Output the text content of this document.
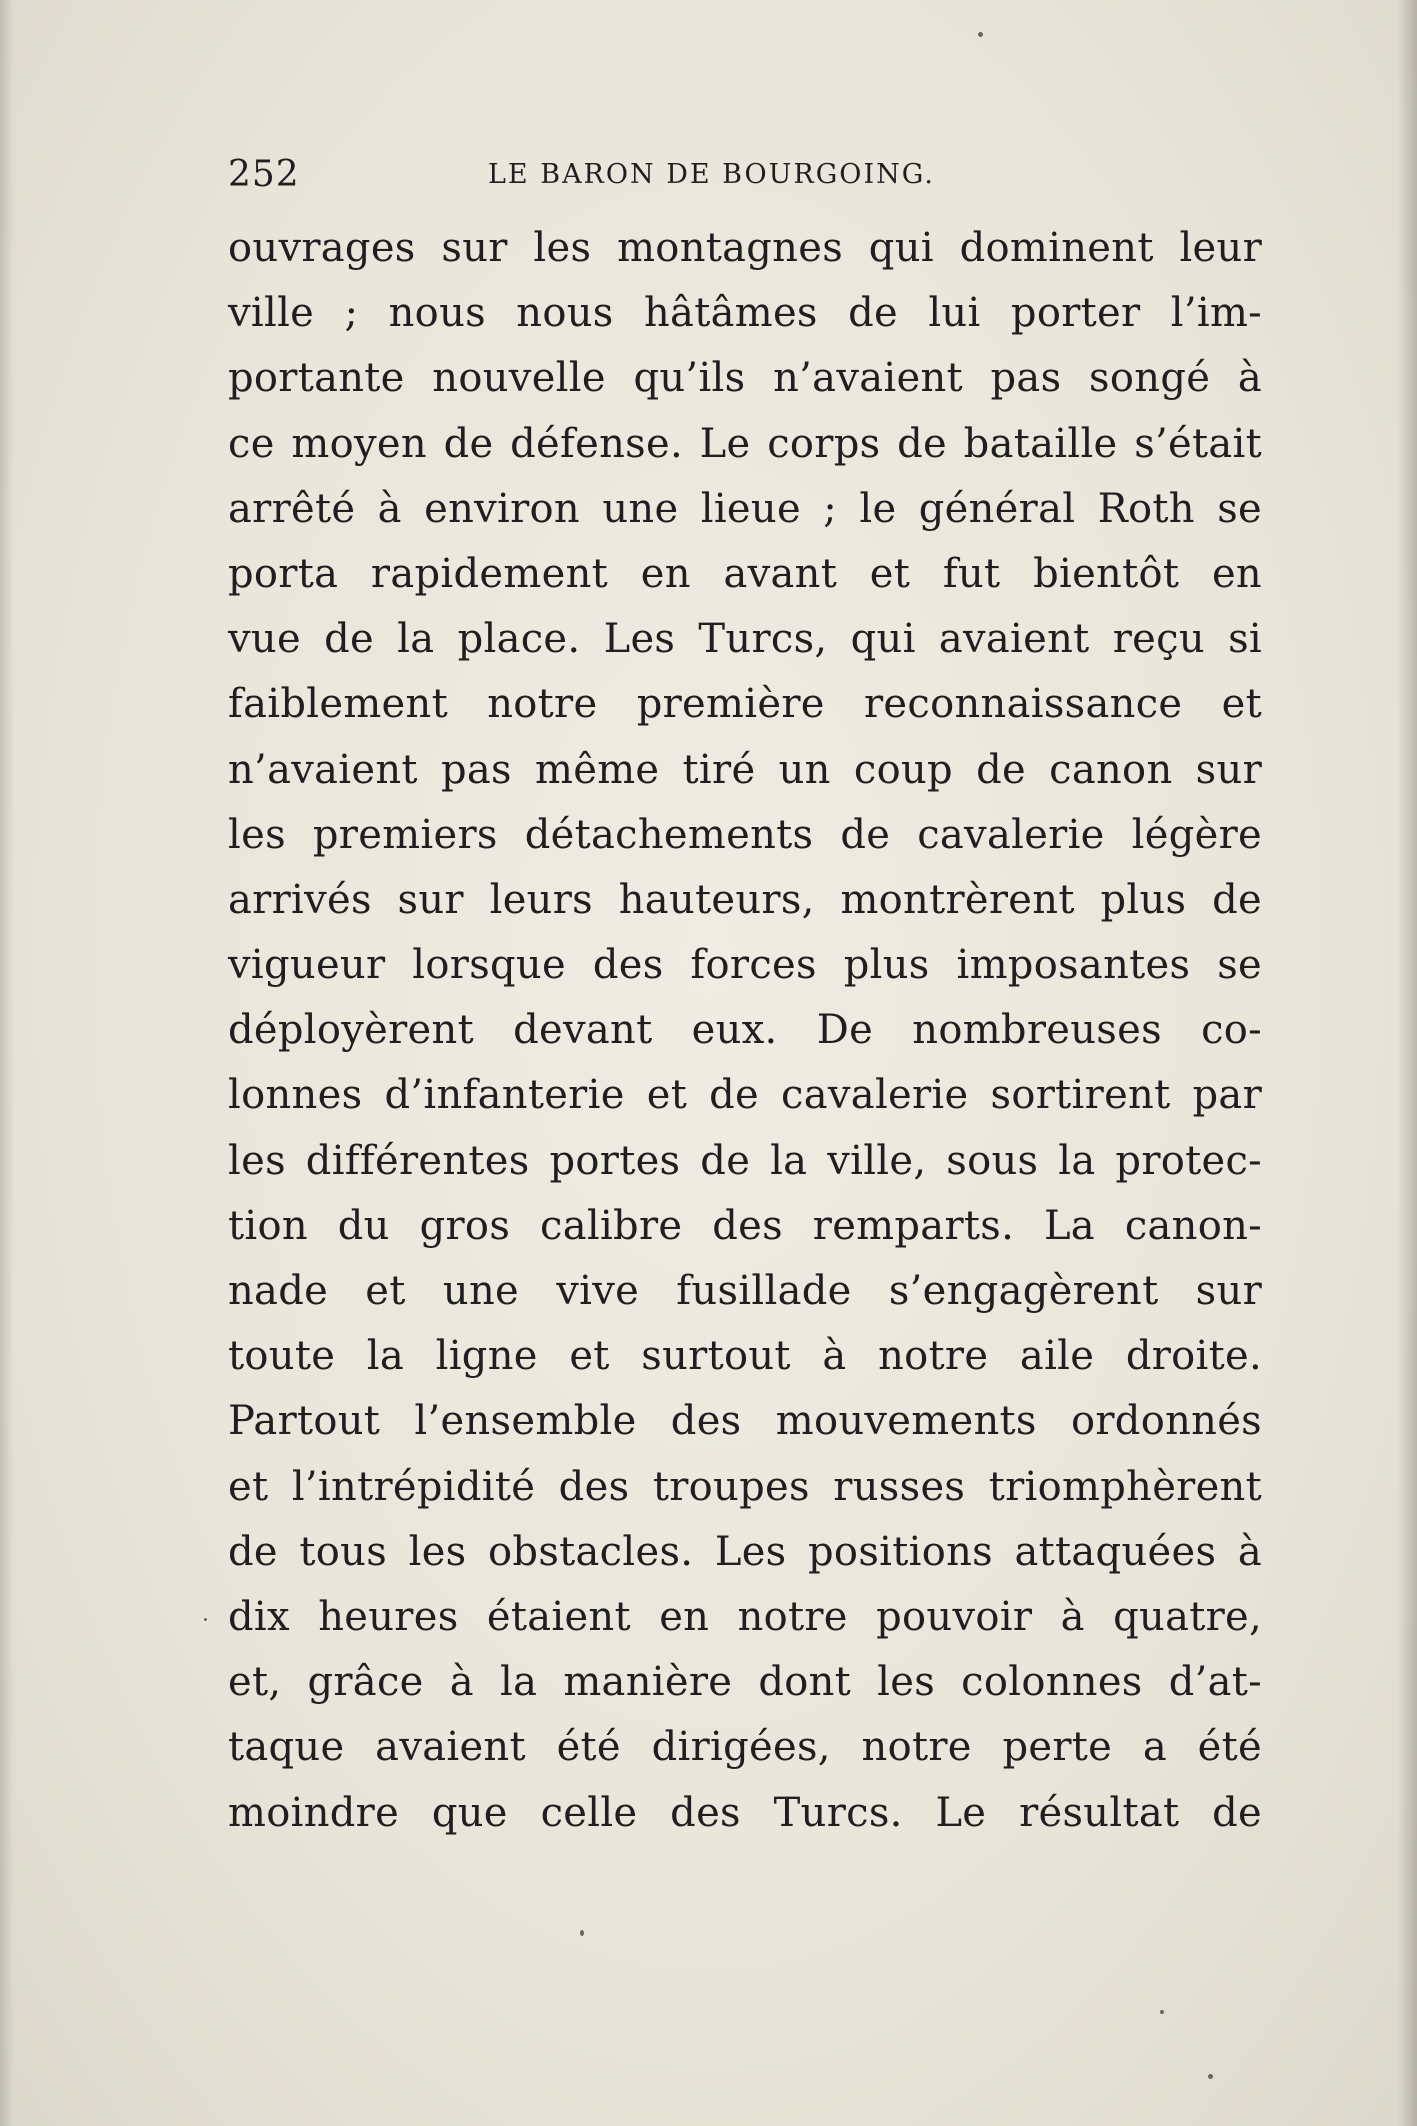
252	LE BARON DE BOURGOING.
ouvrages sur les montagnes qui dominent leur
ville ; nous nous hâtâmes de lui porter l’im-
portante nouvelle qu’ils n’avaient pas songé à
ce moyen de défense. Le corps de bataille s’était
arrêté à environ une lieue ; le général Roth se
porta rapidement en avant et fut bientôt en
vue de la place. Les Turcs, qui avaient reçu si
faiblement notre première reconnaissance et
n’avaient pas même tiré un coup de canon sur
les premiers détachements de cavalerie légère
arrivés sur leurs hauteurs, montrèrent plus de
vigueur lorsque des forces plus imposantes se
déployèrent devant eux. De nombreuses co-
lonnes d’infanterie et de cavalerie sortirent par
les différentes portes de la ville, sous la protec-
tion du gros calibre des remparts. La canon-
nade et une vive fusillade s’engagèrent sur
toute la ligne et surtout à notre aile droite.
Partout l’ensemble des mouvements ordonnés
et l’intrépidité des troupes russes triomphèrent
de tous les obstacles. Les positions attaquées à
dix heures étaient en notre pouvoir à quatre,
et, grâce à la manière dont les colonnes d’at-
taque avaient été dirigées, notre perte a été
moindre que celle des Turcs. Le résultat de
